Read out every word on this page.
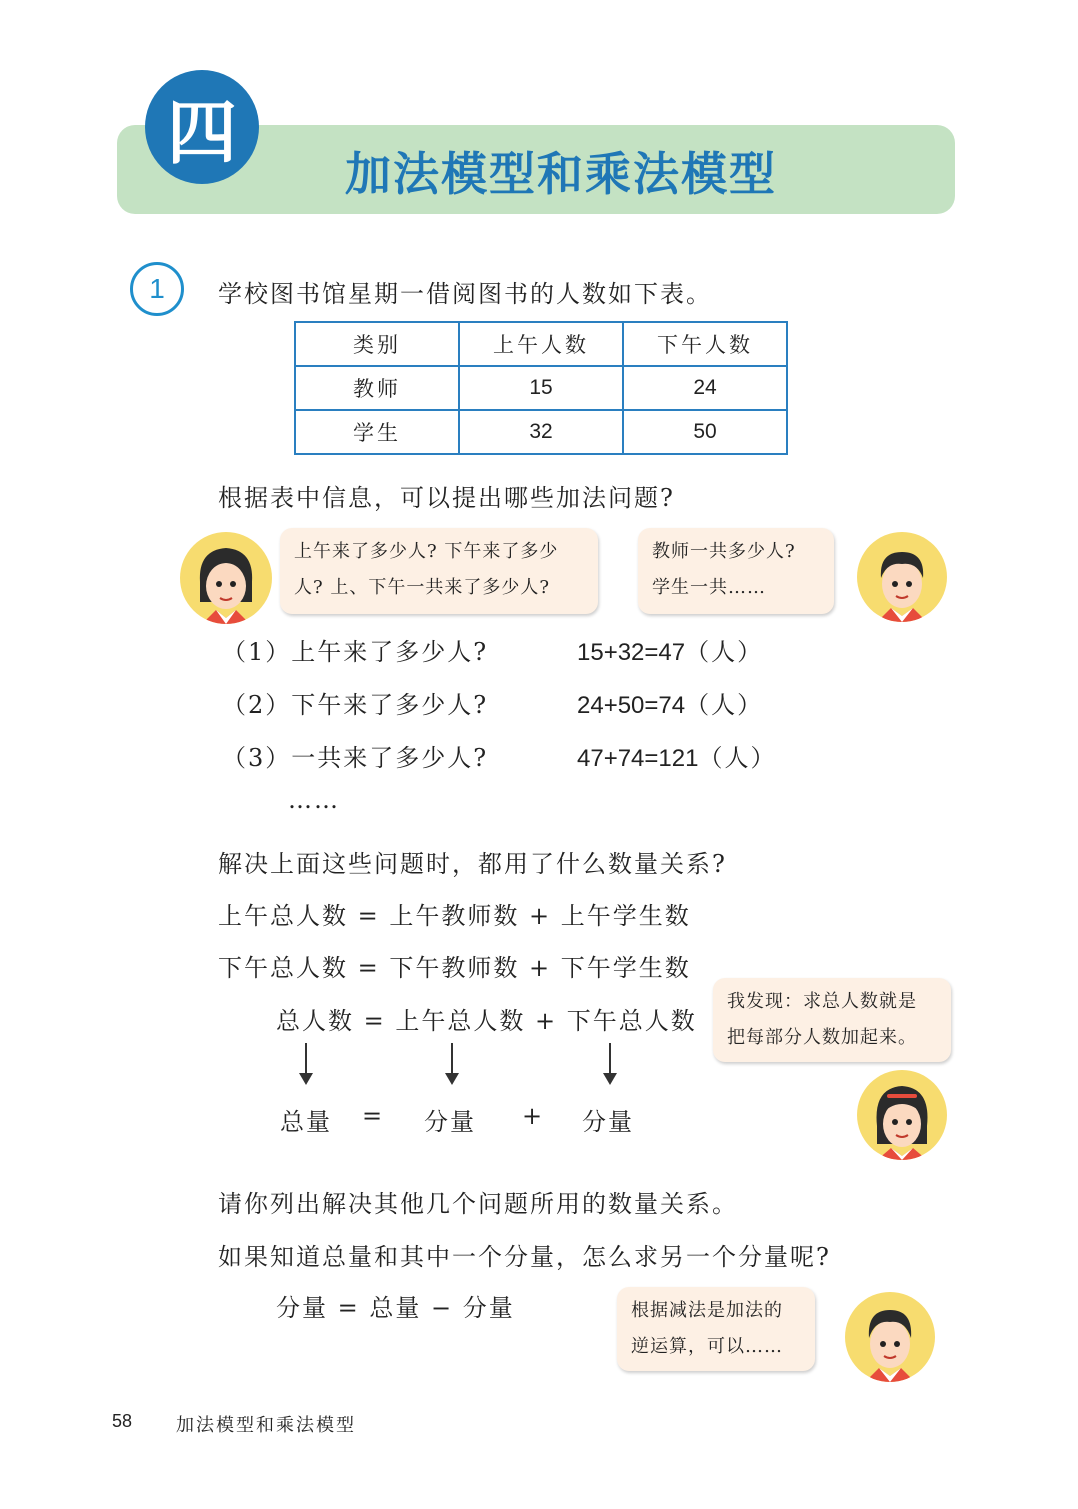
四
加法模型和乘法模型
1	学校图书馆星期一借阅图书的人数如下表。
类别	上午人数	下午人数
教师	15	24
学生	32	50
根据表中信息，可以提出哪些加法问题?
上午来了多少人? 下午来了多少
人? 上、下午一共来了多少人?
教师一共多少人?
学生一共……
（1）上午来了多少人?	15+32=47（人）
（2）下午来了多少人?	24+50=74（人）
（3）一共来了多少人?	47+74=121（人）
……
解决上面这些问题时，都用了什么数量关系?
上午总人数 = 上午教师数 + 上午学生数
下午总人数 = 下午教师数 + 下午学生数
总人数 = 上午总人数 + 下午总人数
我发现：求总人数就是
把每部分人数加起来。
总量 = 分量 + 分量
请你列出解决其他几个问题所用的数量关系。
如果知道总量和其中一个分量，怎么求另一个分量呢?
分量 = 总量 − 分量	根据减法是加法的
逆运算，可以……
58 加法模型和乘法模型
